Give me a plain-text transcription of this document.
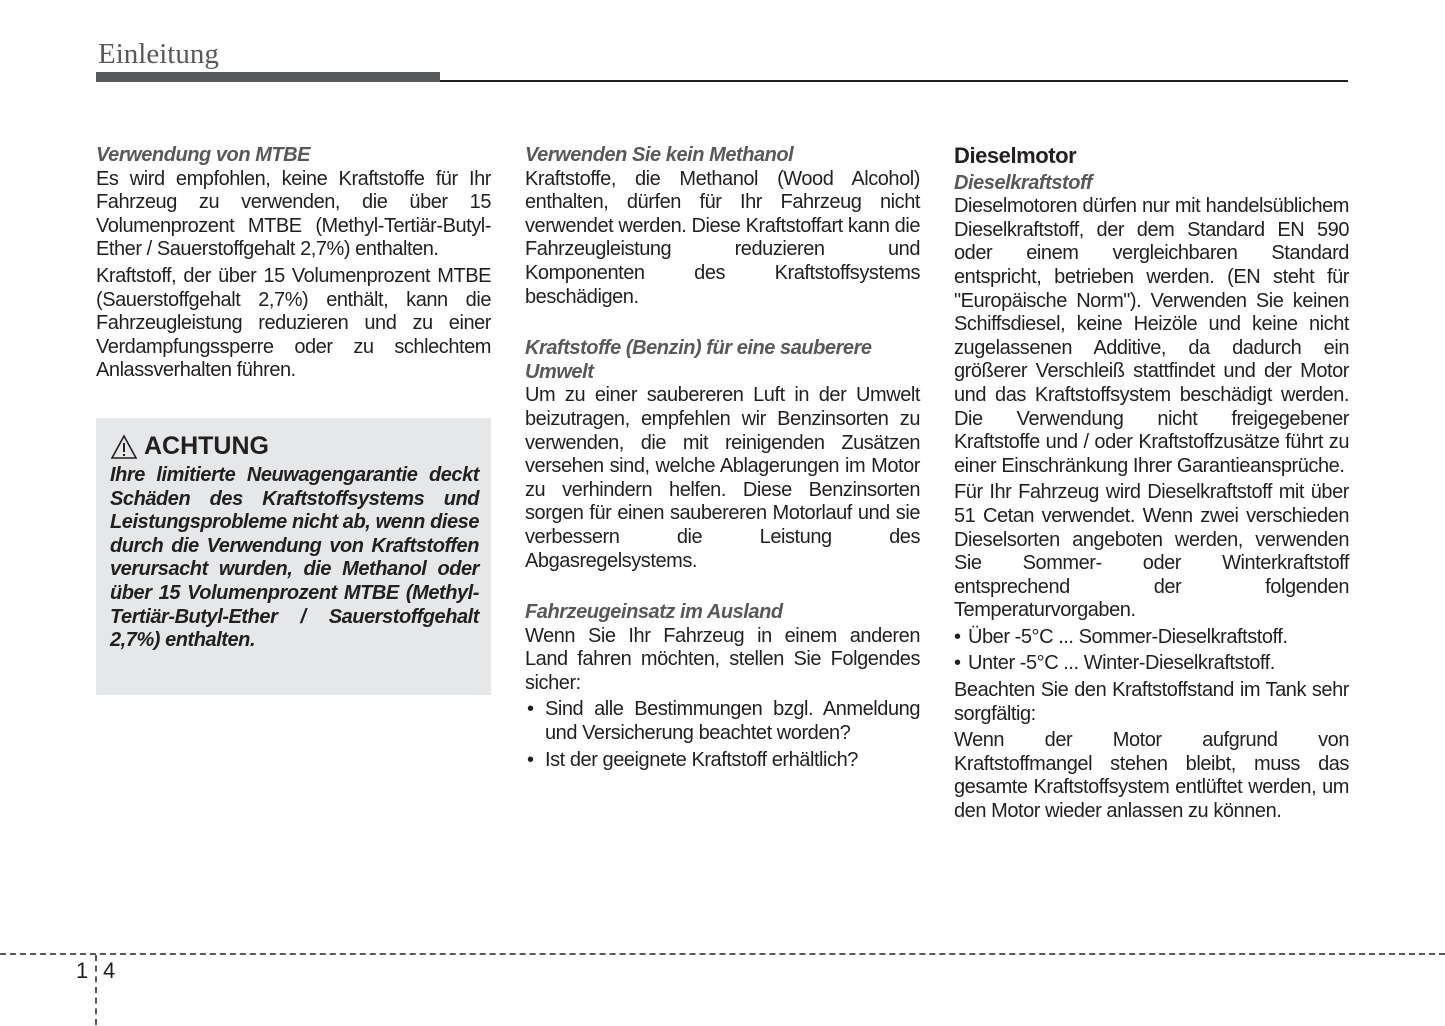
Einleitung

Verwendung von MTBE

Es wird empfohlen, keine Kraftstoffe für Ihr Fahrzeug zu verwenden, die über 15 Volumenprozent MTBE (Methyl-Tertiär-Butyl-Ether / Sauerstoffgehalt 2,7%) enthalten.

Kraftstoff, der über 15 Volumenprozent MTBE (Sauerstoffgehalt 2,7%) enthält, kann die Fahrzeugleistung reduzieren und zu einer Verdampfungssperre oder zu schlechtem Anlassverhalten führen.

ACHTUNG
Ihre limitierte Neuwagengarantie deckt Schäden des Kraftstoffsystems und Leistungsprobleme nicht ab, wenn diese durch die Verwendung von Kraftstoffen verursacht wurden, die Methanol oder über 15 Volumenprozent MTBE (Methyl-Tertiär-Butyl-Ether / Sauerstoffgehalt 2,7%) enthalten.

Verwenden Sie kein Methanol

Kraftstoffe, die Methanol (Wood Alcohol) enthalten, dürfen für Ihr Fahrzeug nicht verwendet werden. Diese Kraftstoffart kann die Fahrzeugleistung reduzieren und Komponenten des Kraftstoffsystems beschädigen.

Kraftstoffe (Benzin) für eine sauberere Umwelt

Um zu einer saubereren Luft in der Umwelt beizutragen, empfehlen wir Benzinsorten zu verwenden, die mit reinigenden Zusätzen versehen sind, welche Ablagerungen im Motor zu verhindern helfen. Diese Benzinsorten sorgen für einen saubereren Motorlauf und sie verbessern die Leistung des Abgasregelsystems.

Fahrzeugeinsatz im Ausland

Wenn Sie Ihr Fahrzeug in einem anderen Land fahren möchten, stellen Sie Folgendes sicher:

• Sind alle Bestimmungen bzgl. Anmeldung und Versicherung beachtet worden?
• Ist der geeignete Kraftstoff erhältlich?

Dieselmotor

Dieselkraftstoff

Dieselmotoren dürfen nur mit handelsüblichem Dieselkraftstoff, der dem Standard EN 590 oder einem vergleichbaren Standard entspricht, betrieben werden. (EN steht für "Europäische Norm"). Verwenden Sie keinen Schiffsdiesel, keine Heizöle und keine nicht zugelassenen Additive, da dadurch ein größerer Verschleiß stattfindet und der Motor und das Kraftstoffsystem beschädigt werden. Die Verwendung nicht freigegebener Kraftstoffe und / oder Kraftstoffzusätze führt zu einer Einschränkung Ihrer Garantieansprüche.

Für Ihr Fahrzeug wird Dieselkraftstoff mit über 51 Cetan verwendet. Wenn zwei verschieden Dieselsorten angeboten werden, verwenden Sie Sommer- oder Winterkraftstoff entsprechend der folgenden Temperaturvorgaben.

• Über -5°C ... Sommer-Dieselkraftstoff.
• Unter -5°C ... Winter-Dieselkraftstoff.

Beachten Sie den Kraftstoffstand im Tank sehr sorgfältig:

Wenn der Motor aufgrund von Kraftstoffmangel stehen bleibt, muss das gesamte Kraftstoffsystem entlüftet werden, um den Motor wieder anlassen zu können.

1 4
